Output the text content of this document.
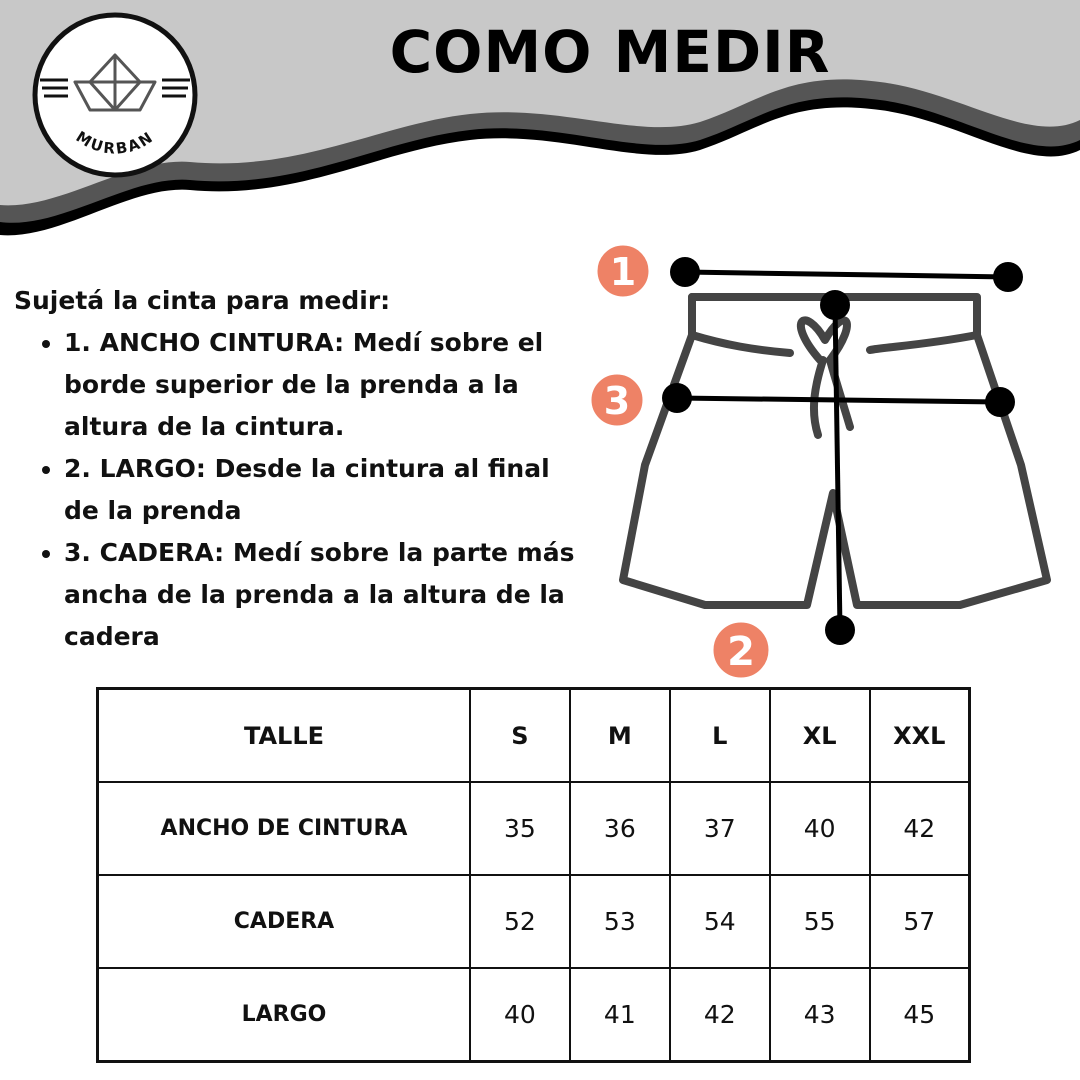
MURBAN
COMO MEDIR
Sujetá la cinta para medir:
• 1. ANCHO CINTURA: Medí sobre el borde superior de la prenda a la altura de la cintura.
• 2. LARGO: Desde la cintura al final de la prenda
• 3. CADERA: Medí sobre la parte más ancha de la prenda a la altura de la cadera
1
3
2
TALLE	S	M	L	XL	XXL
ANCHO DE CINTURA	35	36	37	40	42
CADERA	52	53	54	55	57
LARGO	40	41	42	43	45
